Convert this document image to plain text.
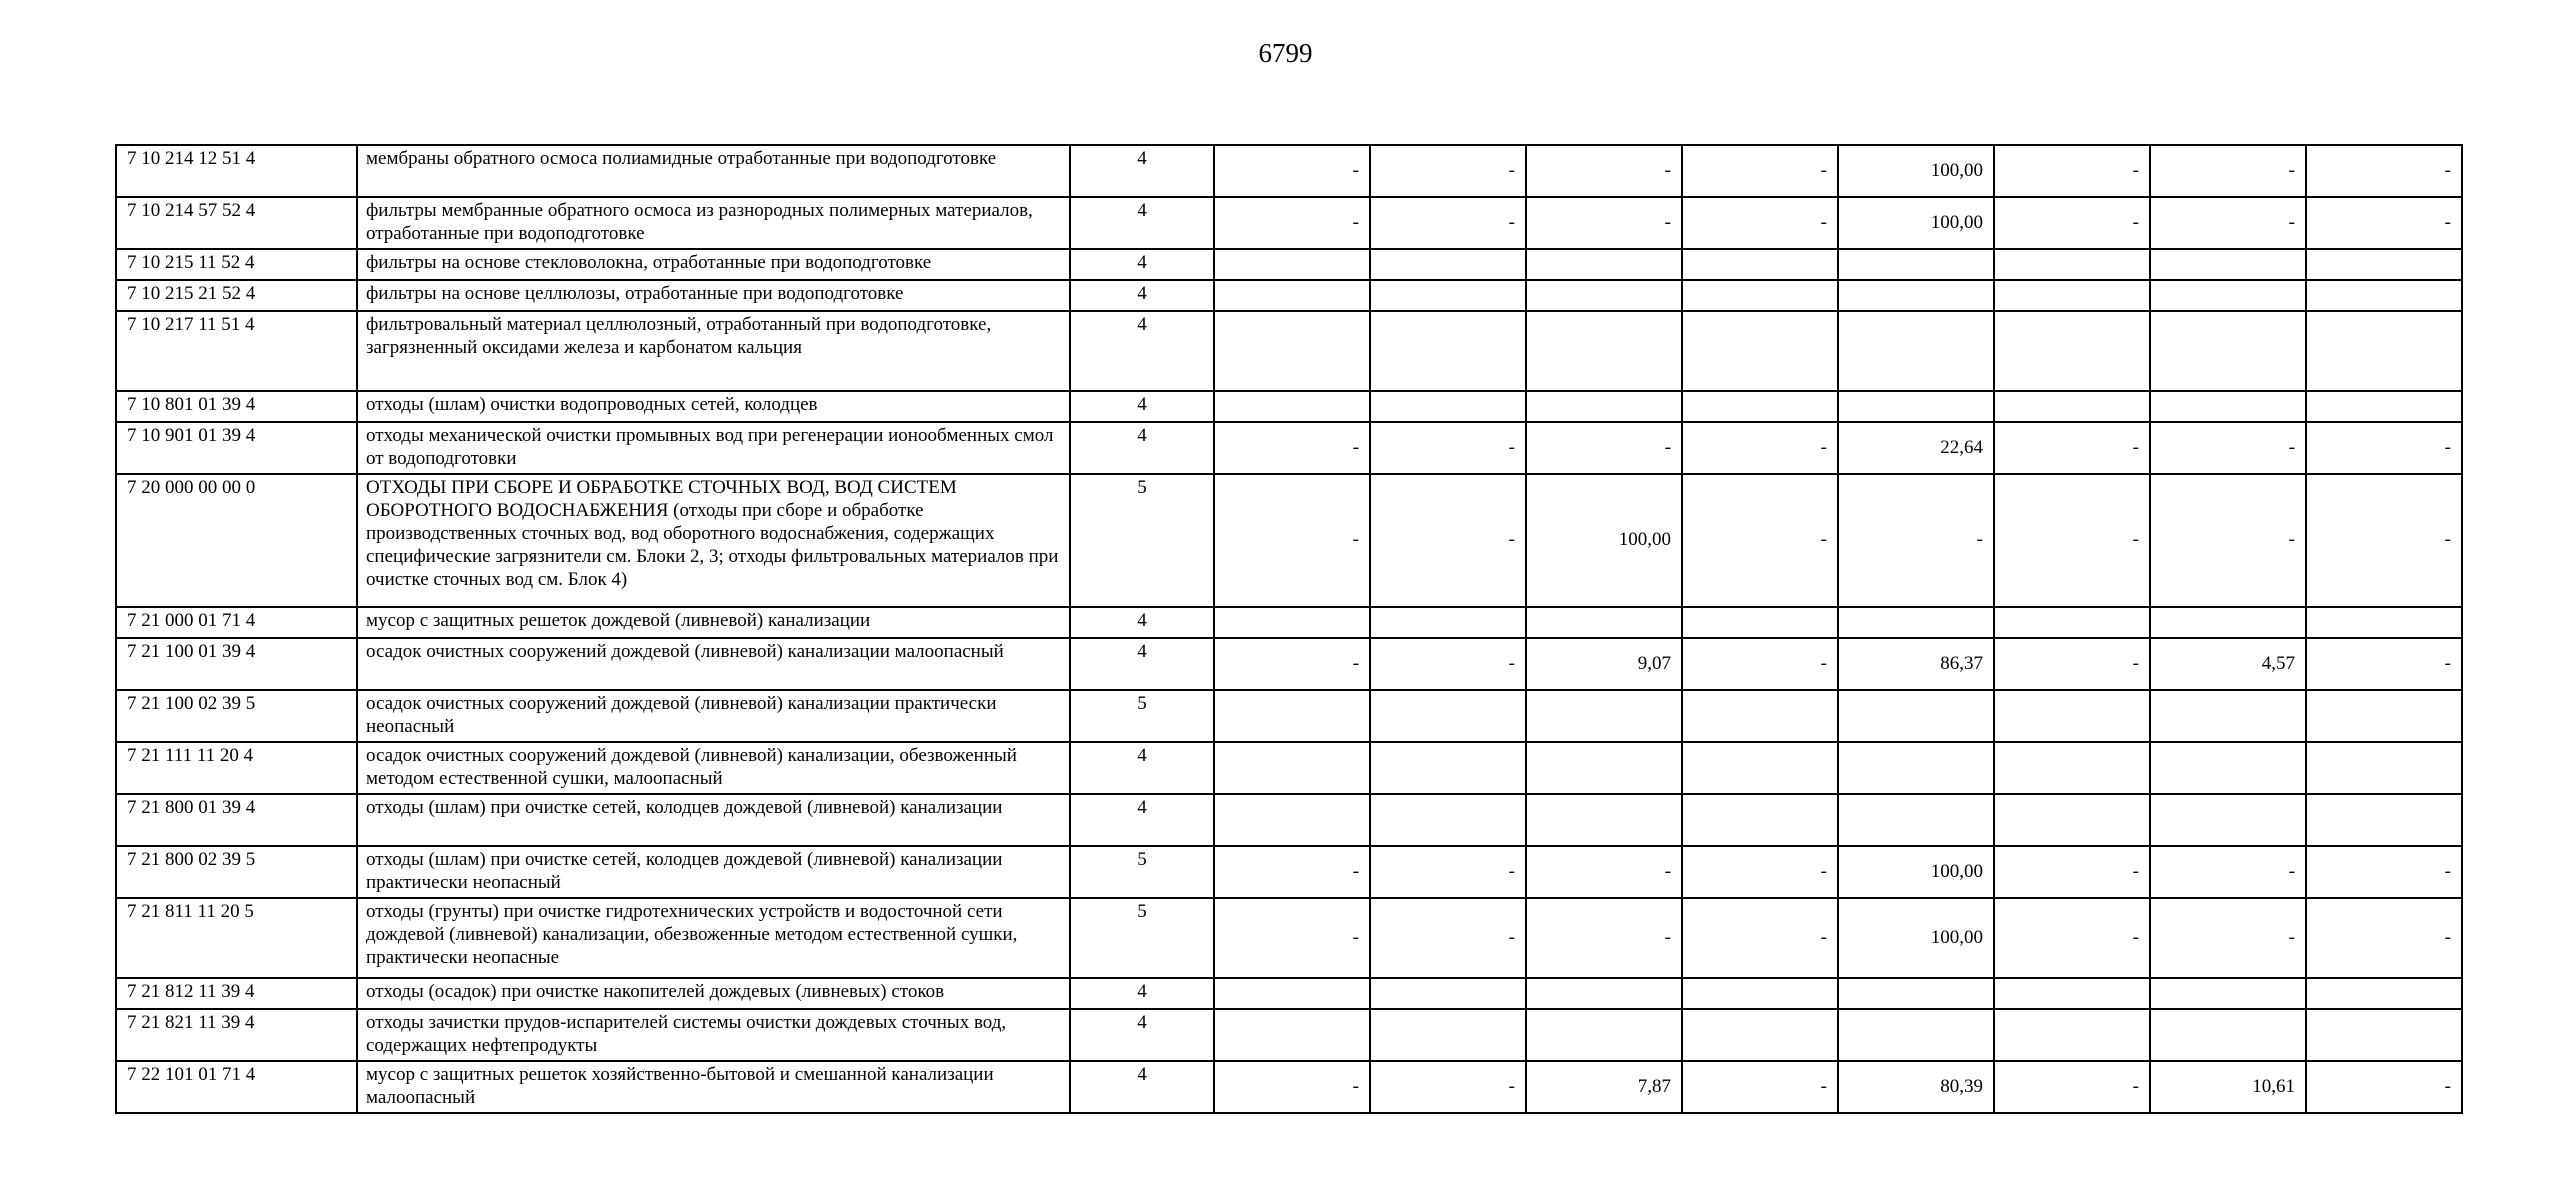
6799
7 10 214 12 51 4	мембраны обратного осмоса полиамидные отработанные при водоподготовке	4	-	-	-	-	100,00	-	-	-
7 10 214 57 52 4	фильтры мембранные обратного осмоса из разнородных полимерных материалов, отработанные при водоподготовке	4	-	-	-	-	100,00	-	-	-
7 10 215 11 52 4	фильтры на основе стекловолокна, отработанные при водоподготовке	4								
7 10 215 21 52 4	фильтры на основе целлюлозы, отработанные при водоподготовке	4								
7 10 217 11 51 4	фильтровальный материал целлюлозный, отработанный при водоподготовке, загрязненный оксидами железа и карбонатом кальция	4								
7 10 801 01 39 4	отходы (шлам) очистки водопроводных сетей, колодцев	4								
7 10 901 01 39 4	отходы механической очистки промывных вод при регенерации ионообменных смол от водоподготовки	4	-	-	-	-	22,64	-	-	-
7 20 000 00 00 0	ОТХОДЫ ПРИ СБОРЕ И ОБРАБОТКЕ СТОЧНЫХ ВОД, ВОД СИСТЕМ ОБОРОТНОГО ВОДОСНАБЖЕНИЯ (отходы при сборе и обработке производственных сточных вод, вод оборотного водоснабжения, содержащих специфические загрязнители см. Блоки 2, 3; отходы фильтровальных материалов при очистке сточных вод см. Блок 4)	5	-	-	100,00	-	-	-	-	-
7 21 000 01 71 4	мусор с защитных решеток дождевой (ливневой) канализации	4								
7 21 100 01 39 4	осадок очистных сооружений дождевой (ливневой) канализации малоопасный	4	-	-	9,07	-	86,37	-	4,57	-
7 21 100 02 39 5	осадок очистных сооружений дождевой (ливневой) канализации практически неопасный	5								
7 21 111 11 20 4	осадок очистных сооружений дождевой (ливневой) канализации, обезвоженный методом естественной сушки, малоопасный	4								
7 21 800 01 39 4	отходы (шлам) при очистке сетей, колодцев дождевой (ливневой) канализации	4								
7 21 800 02 39 5	отходы (шлам) при очистке сетей, колодцев дождевой (ливневой) канализации практически неопасный	5	-	-	-	-	100,00	-	-	-
7 21 811 11 20 5	отходы (грунты) при очистке гидротехнических устройств и водосточной сети дождевой (ливневой) канализации, обезвоженные методом естественной сушки, практически неопасные	5	-	-	-	-	100,00	-	-	-
7 21 812 11 39 4	отходы (осадок) при очистке накопителей дождевых (ливневых) стоков	4								
7 21 821 11 39 4	отходы зачистки прудов-испарителей системы очистки дождевых сточных вод, содержащих нефтепродукты	4								
7 22 101 01 71 4	мусор с защитных решеток хозяйственно-бытовой и смешанной канализации малоопасный	4	-	-	7,87	-	80,39	-	10,61	-
